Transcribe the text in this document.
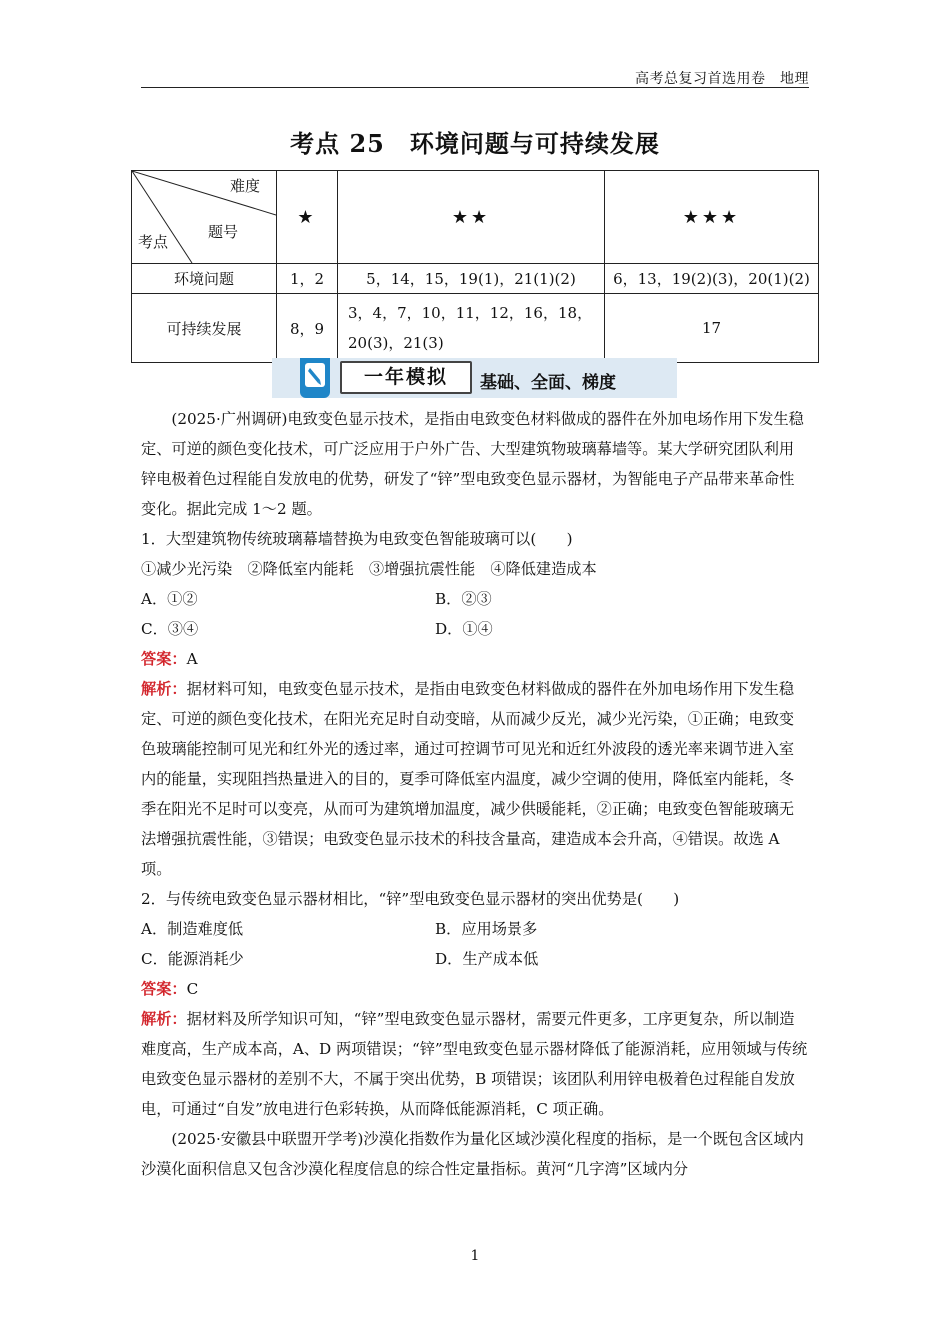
高考总复习首选用卷　地理
考点 25　环境问题与可持续发展
难度
题号
考点	★	★★	★★★
环境问题	1，2	5，14，15，19(1)，21(1)(2)	6，13，19(2)(3)，20(1)(2)
可持续发展	8，9	3，4，7，10，11，12，16，18，20(3)，21(3)	17
一年模拟	基础、全面、梯度

(2025·广州调研)电致变色显示技术，是指由电致变色材料做成的器件在外加电场作用下发生稳定、可逆的颜色变化技术，可广泛应用于户外广告、大型建筑物玻璃幕墙等。某大学研究团队利用锌电极着色过程能自发放电的优势，研发了“锌”型电致变色显示器材，为智能电子产品带来革命性变化。据此完成 1～2 题。

1．大型建筑物传统玻璃幕墙替换为电致变色智能玻璃可以(　　)

①减少光污染　②降低室内能耗　③增强抗震性能　④降低建造成本

A．①②	B．②③
C．③④	D．①④

答案：A

解析：据材料可知，电致变色显示技术，是指由电致变色材料做成的器件在外加电场作用下发生稳定、可逆的颜色变化技术，在阳光充足时自动变暗，从而减少反光，减少光污染，①正确；电致变色玻璃能控制可见光和红外光的透过率，通过可控调节可见光和近红外波段的透光率来调节进入室内的能量，实现阻挡热量进入的目的，夏季可降低室内温度，减少空调的使用，降低室内能耗，冬季在阳光不足时可以变亮，从而可为建筑增加温度，减少供暖能耗，②正确；电致变色智能玻璃无法增强抗震性能，③错误；电致变色显示技术的科技含量高，建造成本会升高，④错误。故选 A 项。

2．与传统电致变色显示器材相比，“锌”型电致变色显示器材的突出优势是(　　)

A．制造难度低	B．应用场景多
C．能源消耗少	D．生产成本低

答案：C

解析：据材料及所学知识可知，“锌”型电致变色显示器材，需要元件更多，工序更复杂，所以制造难度高，生产成本高，A、D 两项错误；“锌”型电致变色显示器材降低了能源消耗，应用领域与传统电致变色显示器材的差别不大，不属于突出优势，B 项错误；该团队利用锌电极着色过程能自发放电，可通过“自发”放电进行色彩转换，从而降低能源消耗，C 项正确。

(2025·安徽县中联盟开学考)沙漠化指数作为量化区域沙漠化程度的指标，是一个既包含区域内沙漠化面积信息又包含沙漠化程度信息的综合性定量指标。黄河“几字湾”区域内分

1
